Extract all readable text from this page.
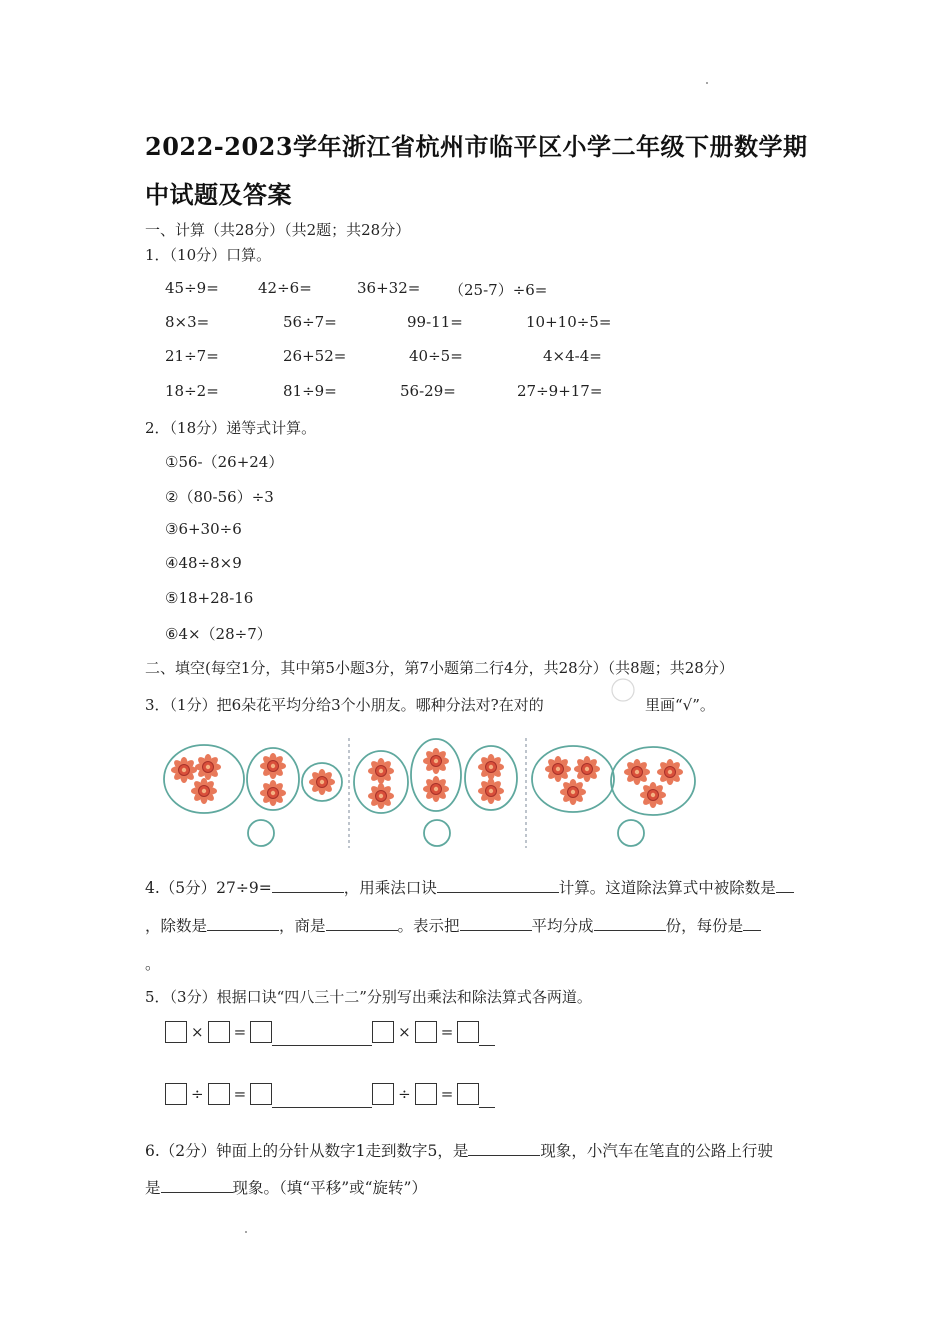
2022-2023学年浙江省杭州市临平区小学二年级下册数学期
中试题及答案
一、计算（共28分）（共2题；共28分）
1．（10分）口算。
45÷9=	42÷6=	36+32= （25-7）÷6=
8×3=	56÷7=	99-11=	10+10÷5=
21÷7=	26+52=	40÷5=	4×4-4=
18÷2=	81÷9=	56-29=	27÷9+17=
2．（18分）递等式计算。
①56-（26+24）
②（80-56）÷3
③6+30÷6
④48÷8×9
⑤18+28-16
⑥4×（28÷7）
二、填空(每空1分，其中第5小题3分，第7小题第二行4分，共28分）（共8题；共28分）
3．（1分）把6朵花平均分给3个小朋友。哪种分法对?在对的	里画“√”。
4.（5分）27÷9=	，用乘法口诀	计算。这道除法算式中被除数是
，除数是	，商是	。表示把	平均分成	份，每份是
。
5．（3分）根据口诀“四八三十二”分别写出乘法和除法算式各两道。
× =	× =
÷ =	÷ =
6.（2分）钟面上的分针从数字1走到数字5，是	现象，小汽车在笔直的公路上行驶
是	现象。（填“平移”或“旋转”）
